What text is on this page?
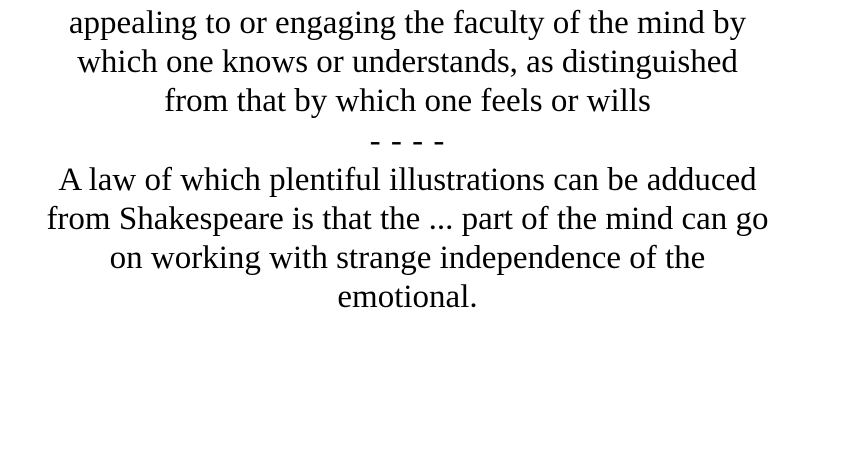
appealing to or engaging the faculty of the mind by
which one knows or understands, as distinguished
from that by which one feels or wills
- - - -
A law of which plentiful illustrations can be adduced
from Shakespeare is that the ... part of the mind can go
on working with strange independence of the
emotional.
